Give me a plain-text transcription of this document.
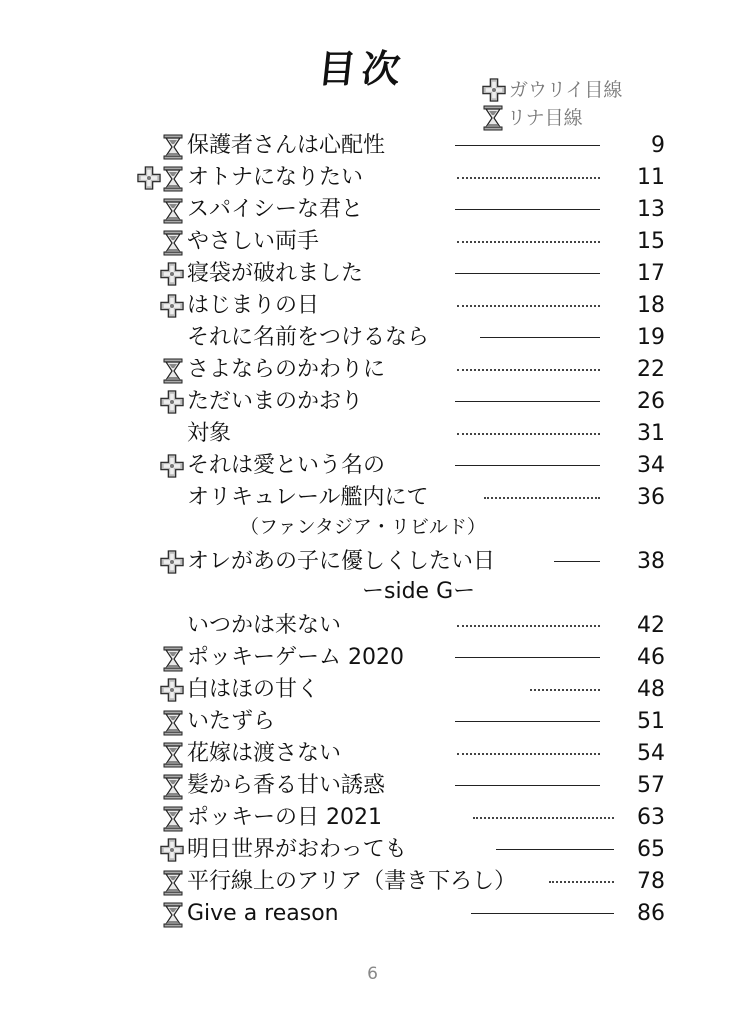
目次	ガウリイ目線
リナ目線
保護者さんは心配性	9
オトナになりたい	11
スパイシーな君と	13
やさしい両手	15
寝袋が破れました	17
はじまりの日	18
それに名前をつけるなら	19
さよならのかわりに	22
ただいまのかおり	26
対象	31
それは愛という名の	34
オリキュレール艦内にて	36
オレがあの子に優しくしたい日	38
いつかは来ない	42
ポッキーゲーム 2020	46
白はほの甘く	48
いたずら	51
花嫁は渡さない	54
髪から香る甘い誘惑	57
ポッキーの日 2021	63
明日世界がおわっても	65
平行線上のアリア（書き下ろし）	78
Give a reason	86
（ファンタジア・リビルド）
ーside Gー
6
